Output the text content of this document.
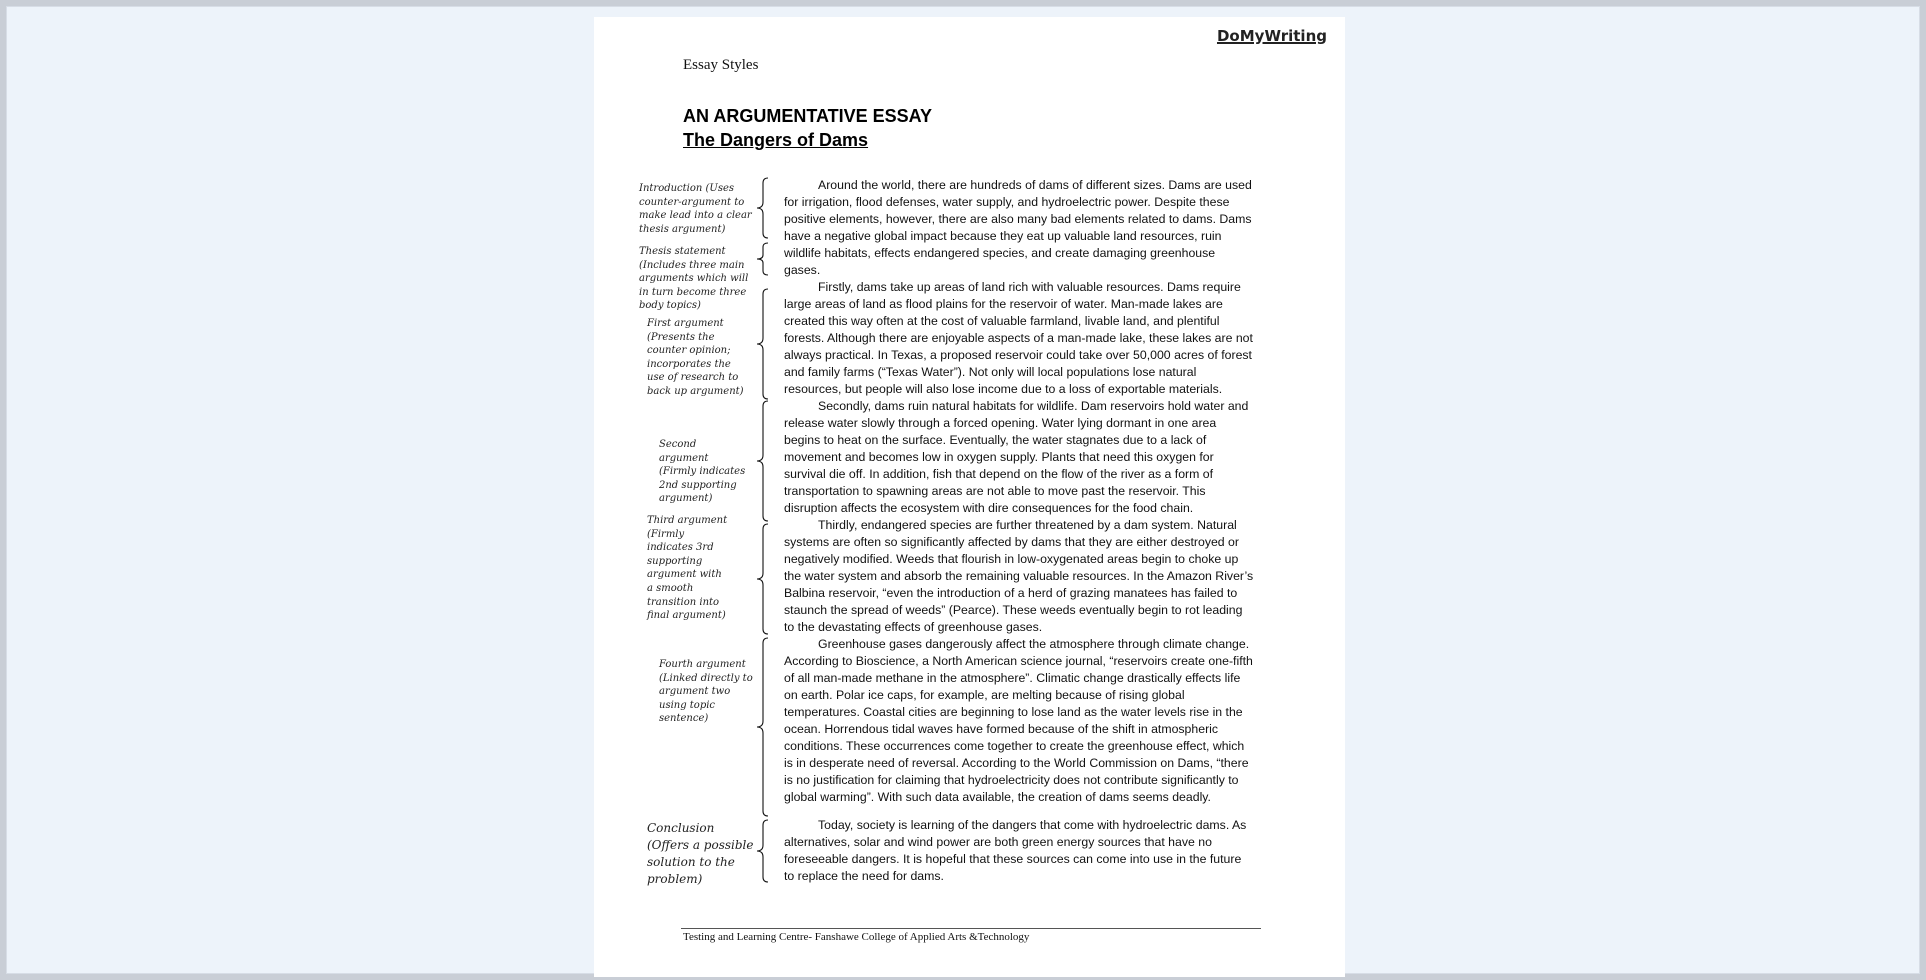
DoMyWriting
Essay Styles
AN ARGUMENTATIVE ESSAY
The Dangers of Dams

Introduction (Uses counter-argument to make lead into a clear thesis argument)

Thesis statement (Includes three main arguments which will in turn become three body topics)

First argument (Presents the counter opinion; incorporates the use of research to back up argument)

Second argument (Firmly indicates 2nd supporting argument)

Third argument (Firmly indicates 3rd supporting argument with a smooth transition into final argument)

Fourth argument (Linked directly to argument two using topic sentence)

Conclusion (Offers a possible solution to the problem)

Around the world, there are hundreds of dams of different sizes. Dams are used for irrigation, flood defenses, water supply, and hydroelectric power. Despite these positive elements, however, there are also many bad elements related to dams. Dams have a negative global impact because they eat up valuable land resources, ruin wildlife habitats, effects endangered species, and create damaging greenhouse gases.

Firstly, dams take up areas of land rich with valuable resources. Dams require large areas of land as flood plains for the reservoir of water. Man-made lakes are created this way often at the cost of valuable farmland, livable land, and plentiful forests. Although there are enjoyable aspects of a man-made lake, these lakes are not always practical. In Texas, a proposed reservoir could take over 50,000 acres of forest and family farms (“Texas Water”). Not only will local populations lose natural resources, but people will also lose income due to a loss of exportable materials.

Secondly, dams ruin natural habitats for wildlife. Dam reservoirs hold water and release water slowly through a forced opening. Water lying dormant in one area begins to heat on the surface. Eventually, the water stagnates due to a lack of movement and becomes low in oxygen supply. Plants that need this oxygen for survival die off. In addition, fish that depend on the flow of the river as a form of transportation to spawning areas are not able to move past the reservoir. This disruption affects the ecosystem with dire consequences for the food chain.

Thirdly, endangered species are further threatened by a dam system. Natural systems are often so significantly affected by dams that they are either destroyed or negatively modified. Weeds that flourish in low-oxygenated areas begin to choke up the water system and absorb the remaining valuable resources. In the Amazon River’s Balbina reservoir, “even the introduction of a herd of grazing manatees has failed to staunch the spread of weeds” (Pearce). These weeds eventually begin to rot leading to the devastating effects of greenhouse gases.

Greenhouse gases dangerously affect the atmosphere through climate change. According to Bioscience, a North American science journal, “reservoirs create one-fifth of all man-made methane in the atmosphere”. Climatic change drastically effects life on earth. Polar ice caps, for example, are melting because of rising global temperatures. Coastal cities are beginning to lose land as the water levels rise in the ocean. Horrendous tidal waves have formed because of the shift in atmospheric conditions. These occurrences come together to create the greenhouse effect, which is in desperate need of reversal. According to the World Commission on Dams, “there is no justification for claiming that hydroelectricity does not contribute significantly to global warming”. With such data available, the creation of dams seems deadly.

Today, society is learning of the dangers that come with hydroelectric dams. As alternatives, solar and wind power are both green energy sources that have no foreseeable dangers. It is hopeful that these sources can come into use in the future to replace the need for dams.

Testing and Learning Centre- Fanshawe College of Applied Arts &Technology
